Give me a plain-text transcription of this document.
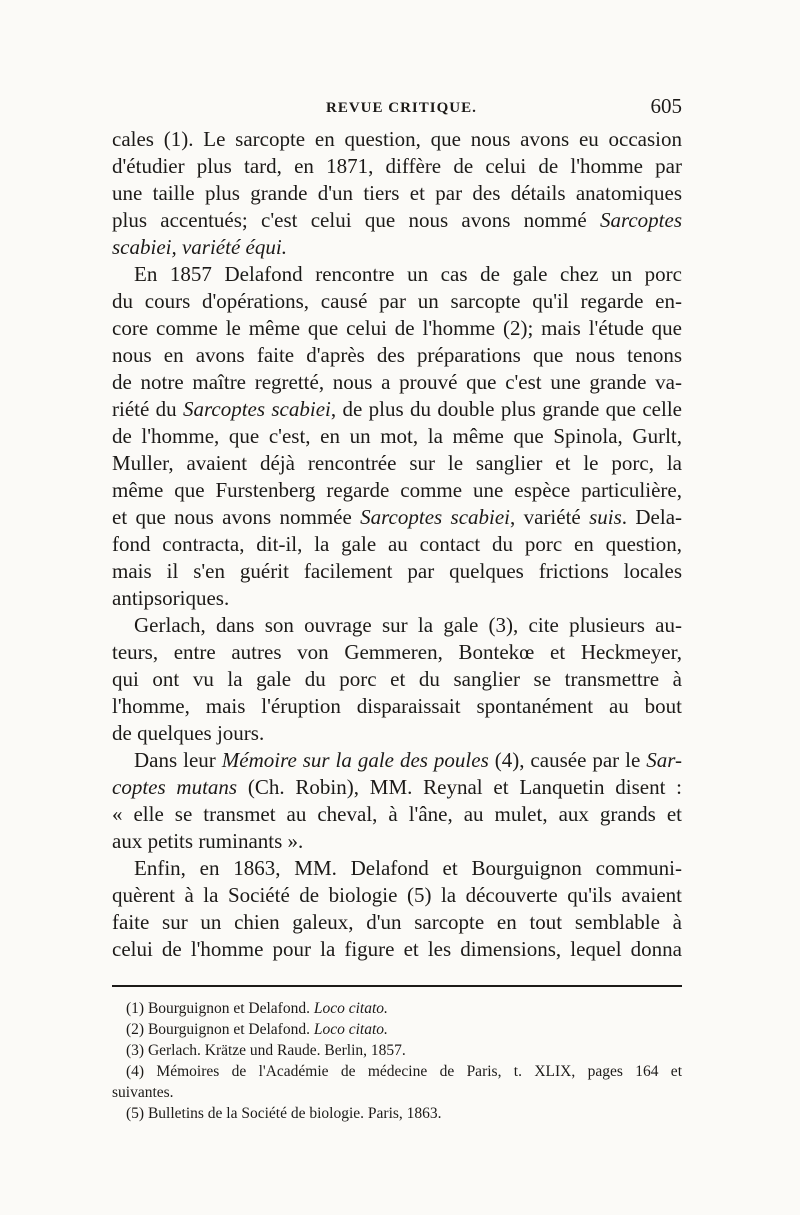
REVUE CRITIQUE.	605
cales (1). Le sarcopte en question, que nous avons eu occasion
d'étudier plus tard, en 1871, diffère de celui de l'homme par
une taille plus grande d'un tiers et par des détails anatomiques
plus accentués; c'est celui que nous avons nommé Sarcoptes
scabiei, variété équi.
En 1857 Delafond rencontre un cas de gale chez un porc
du cours d'opérations, causé par un sarcopte qu'il regarde en-
core comme le même que celui de l'homme (2); mais l'étude que
nous en avons faite d'après des préparations que nous tenons
de notre maître regretté, nous a prouvé que c'est une grande va-
riété du Sarcoptes scabiei, de plus du double plus grande que celle
de l'homme, que c'est, en un mot, la même que Spinola, Gurlt,
Muller, avaient déjà rencontrée sur le sanglier et le porc, la
même que Furstenberg regarde comme une espèce particulière,
et que nous avons nommée Sarcoptes scabiei, variété suis. Dela-
fond contracta, dit-il, la gale au contact du porc en question,
mais il s'en guérit facilement par quelques frictions locales
antipsoriques.
Gerlach, dans son ouvrage sur la gale (3), cite plusieurs au-
teurs, entre autres von Gemmeren, Bontekœ et Heckmeyer,
qui ont vu la gale du porc et du sanglier se transmettre à
l'homme, mais l'éruption disparaissait spontanément au bout
de quelques jours.
Dans leur Mémoire sur la gale des poules (4), causée par le Sar-
coptes mutans (Ch. Robin), MM. Reynal et Lanquetin disent :
« elle se transmet au cheval, à l'âne, au mulet, aux grands et
aux petits ruminants ».
Enfin, en 1863, MM. Delafond et Bourguignon communi-
quèrent à la Société de biologie (5) la découverte qu'ils avaient
faite sur un chien galeux, d'un sarcopte en tout semblable à
celui de l'homme pour la figure et les dimensions, lequel donna
(1) Bourguignon et Delafond. Loco citato.
(2) Bourguignon et Delafond. Loco citato.
(3) Gerlach. Krätze und Raude. Berlin, 1857.
(4) Mémoires de l'Académie de médecine de Paris, t. XLIX, pages 164 et
suivantes.
(5) Bulletins de la Société de biologie. Paris, 1863.
